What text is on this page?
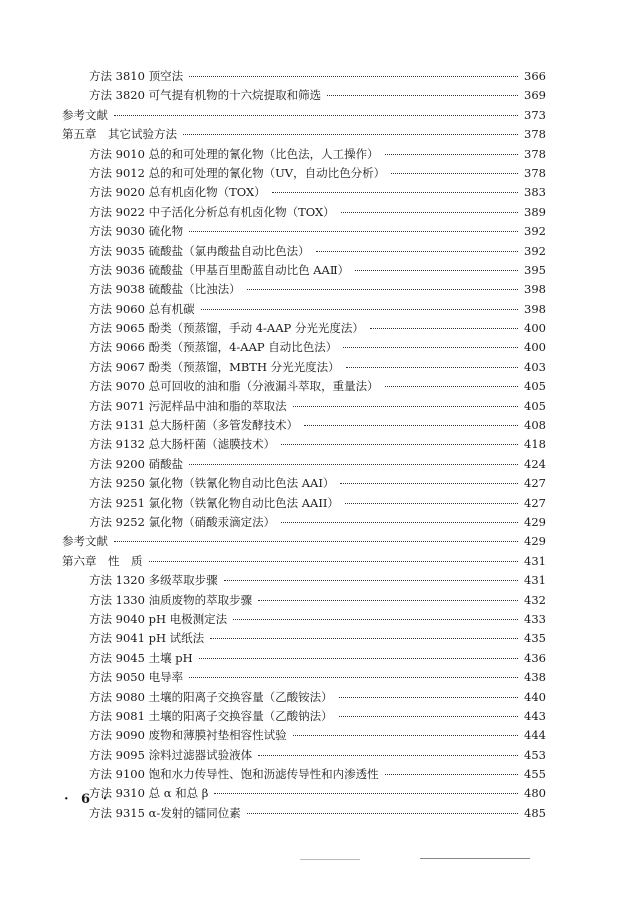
方法 3810 顶空法	366
方法 3820 可气提有机物的十六烷提取和筛选	369
参考文献	373
第五章　其它试验方法	378
方法 9010 总的和可处理的氰化物（比色法，人工操作）	378
方法 9012 总的和可处理的氰化物（UV，自动比色分析）	378
方法 9020 总有机卤化物（TOX）	383
方法 9022 中子活化分析总有机卤化物（TOX）	389
方法 9030 硫化物	392
方法 9035 硫酸盐（氯冉酸盐自动比色法）	392
方法 9036 硫酸盐（甲基百里酚蓝自动比色 AAⅡ）	395
方法 9038 硫酸盐（比浊法）	398
方法 9060 总有机碳	398
方法 9065 酚类（预蒸馏，手动 4-AAP 分光光度法）	400
方法 9066 酚类（预蒸馏，4-AAP 自动比色法）	400
方法 9067 酚类（预蒸馏，MBTH 分光光度法）	403
方法 9070 总可回收的油和脂（分液漏斗萃取，重量法）	405
方法 9071 污泥样品中油和脂的萃取法	405
方法 9131 总大肠杆菌（多管发酵技术）	408
方法 9132 总大肠杆菌（滤膜技术）	418
方法 9200 硝酸盐	424
方法 9250 氯化物（铁氰化物自动比色法 AAI）	427
方法 9251 氯化物（铁氰化物自动比色法 AAII）	427
方法 9252 氯化物（硝酸汞滴定法）	429
参考文献	429
第六章　性　质	431
方法 1320 多级萃取步骤	431
方法 1330 油质废物的萃取步骤	432
方法 9040 pH 电极测定法	433
方法 9041 pH 试纸法	435
方法 9045 土壤 pH	436
方法 9050 电导率	438
方法 9080 土壤的阳离子交换容量（乙酸铵法）	440
方法 9081 土壤的阳离子交换容量（乙酸钠法）	443
方法 9090 废物和薄膜衬垫相容性试验	444
方法 9095 涂料过滤器试验液体	453
方法 9100 饱和水力传导性、饱和沥滤传导性和内渗透性	455
方法 9310 总 α 和总 β	480
方法 9315 α-发射的镭同位素	485
· 6 ·
